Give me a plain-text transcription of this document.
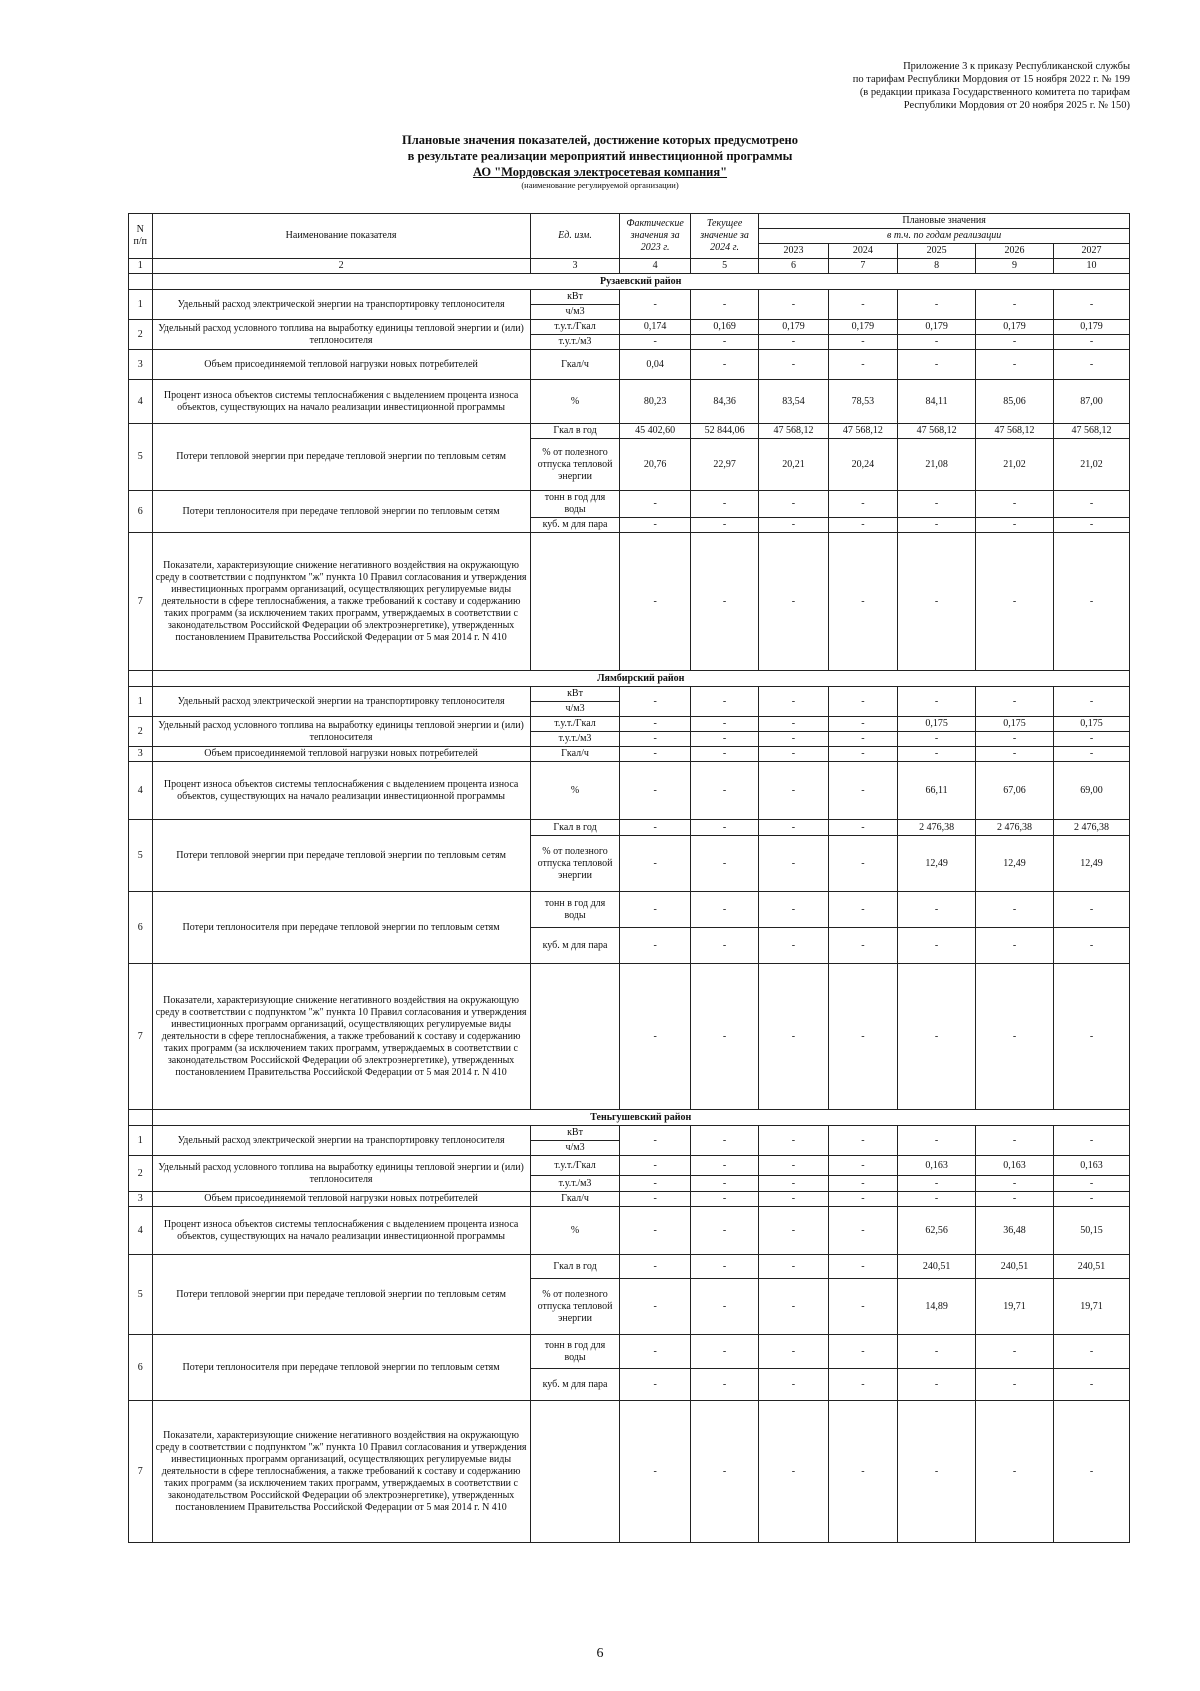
Приложение 3 к приказу Республиканской службы
по тарифам Республики Мордовия от 15 ноября 2022 г. № 199
(в редакции приказа Государственного комитета по тарифам
Республики Мордовия от 20 ноября 2025 г. № 150)
Плановые значения показателей, достижение которых предусмотрено
в результате реализации мероприятий инвестиционной программы
АО "Мордовская электросетевая компания"
(наименование регулируемой организации)
N п/п	Наименование показателя	Ед. изм.	Фактические значения за 2023 г.	Текущее значение за 2024 г.	Плановые значения				
					в т.ч. по годам реализации				
					2023	2024	2025	2026	2027
1	2	3	4	5	6	7	8	9	10
	Рузаевский район								
1	Удельный расход электрической энергии на транспортировку теплоносителя	кВт	-	-	-	-	-	-	-
		ч/м3							
2	Удельный расход условного топлива на выработку единицы тепловой энергии и (или) теплоносителя	т.у.т./Гкал	0,174	0,169	0,179	0,179	0,179	0,179	0,179
		т.у.т./м3	-	-	-	-	-	-	-
3	Объем присоединяемой тепловой нагрузки новых потребителей	Гкал/ч	0,04	-	-	-	-	-	-
4	Процент износа объектов системы теплоснабжения с выделением процента износа объектов, существующих на начало реализации инвестиционной программы	%	80,23	84,36	83,54	78,53	84,11	85,06	87,00
5	Потери тепловой энергии при передаче тепловой энергии по тепловым сетям	Гкал в год	45 402,60	52 844,06	47 568,12	47 568,12	47 568,12	47 568,12	47 568,12
		% от полезного отпуска тепловой энергии	20,76	22,97	20,21	20,24	21,08	21,02	21,02
6	Потери теплоносителя при передаче тепловой энергии по тепловым сетям	тонн в год для воды	-	-	-	-	-	-	-
		куб. м для пара	-	-	-	-	-	-	-
7	Показатели, характеризующие снижение негативного воздействия на окружающую среду в соответствии с подпунктом "ж" пункта 10 Правил согласования и утверждения инвестиционных программ организаций, осуществляющих регулируемые виды деятельности в сфере теплоснабжения, а также требований к составу и содержанию таких программ (за исключением таких программ, утверждаемых в соответствии с законодательством Российской Федерации об электроэнергетике), утвержденных постановлением Правительства Российской Федерации от 5 мая 2014 г. N 410		-	-	-	-	-	-	-
	Лямбирский район								
1	Удельный расход электрической энергии на транспортировку теплоносителя	кВт	-	-	-	-	-	-	-
		ч/м3							
2	Удельный расход условного топлива на выработку единицы тепловой энергии и (или) теплоносителя	т.у.т./Гкал	-	-	-	-	0,175	0,175	0,175
		т.у.т./м3	-	-	-	-	-	-	-
3	Объем присоединяемой тепловой нагрузки новых потребителей	Гкал/ч	-	-	-	-	-	-	-
4	Процент износа объектов системы теплоснабжения с выделением процента износа объектов, существующих на начало реализации инвестиционной программы	%	-	-	-	-	66,11	67,06	69,00
5	Потери тепловой энергии при передаче тепловой энергии по тепловым сетям	Гкал в год	-	-	-	-	2 476,38	2 476,38	2 476,38
		% от полезного отпуска тепловой энергии	-	-	-	-	12,49	12,49	12,49
6	Потери теплоносителя при передаче тепловой энергии по тепловым сетям	тонн в год для воды	-	-	-	-	-	-	-
		куб. м для пара	-	-	-	-	-	-	-
7	Показатели, характеризующие снижение негативного воздействия на окружающую среду в соответствии с подпунктом "ж" пункта 10 Правил согласования и утверждения инвестиционных программ организаций, осуществляющих регулируемые виды деятельности в сфере теплоснабжения, а также требований к составу и содержанию таких программ (за исключением таких программ, утверждаемых в соответствии с законодательством Российской Федерации об электроэнергетике), утвержденных постановлением Правительства Российской Федерации от 5 мая 2014 г. N 410		-	-	-	-	-	-	-
	Теньгушевский район								
1	Удельный расход электрической энергии на транспортировку теплоносителя	кВт	-	-	-	-	-	-	-
		ч/м3							
2	Удельный расход условного топлива на выработку единицы тепловой энергии и (или) теплоносителя	т.у.т./Гкал	-	-	-	-	0,163	0,163	0,163
		т.у.т./м3	-	-	-	-	-	-	-
3	Объем присоединяемой тепловой нагрузки новых потребителей	Гкал/ч	-	-	-	-	-	-	-
4	Процент износа объектов системы теплоснабжения с выделением процента износа объектов, существующих на начало реализации инвестиционной программы	%	-	-	-	-	62,56	36,48	50,15
5	Потери тепловой энергии при передаче тепловой энергии по тепловым сетям	Гкал в год	-	-	-	-	240,51	240,51	240,51
		% от полезного отпуска тепловой энергии	-	-	-	-	14,89	19,71	19,71
6	Потери теплоносителя при передаче тепловой энергии по тепловым сетям	тонн в год для воды	-	-	-	-	-	-	-
		куб. м для пара	-	-	-	-	-	-	-
7	Показатели, характеризующие снижение негативного воздействия на окружающую среду в соответствии с подпунктом "ж" пункта 10 Правил согласования и утверждения инвестиционных программ организаций, осуществляющих регулируемые виды деятельности в сфере теплоснабжения, а также требований к составу и содержанию таких программ (за исключением таких программ, утверждаемых в соответствии с законодательством Российской Федерации об электроэнергетике), утвержденных постановлением Правительства Российской Федерации от 5 мая 2014 г. N 410		-	-	-	-	-	-	-
6
